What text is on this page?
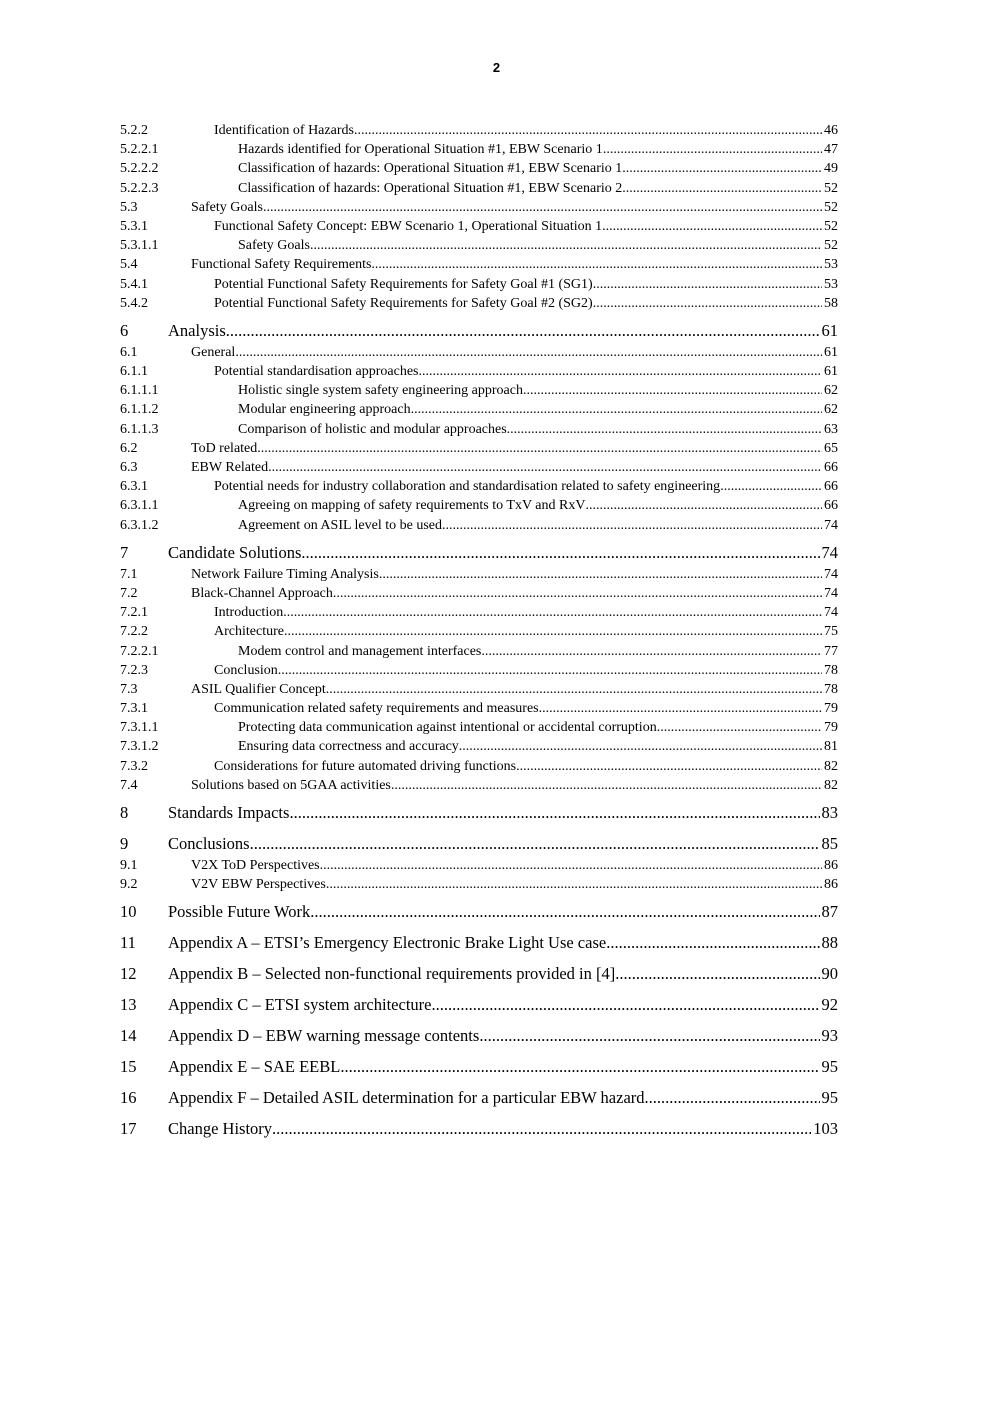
2
5.2.2	Identification of Hazards .....	46
5.2.2.1	Hazards identified for Operational Situation #1, EBW Scenario 1 .....	47
5.2.2.2	Classification of hazards: Operational Situation #1, EBW Scenario 1 .....	49
5.2.2.3	Classification of hazards: Operational Situation #1, EBW Scenario 2 .....	52
5.3	Safety Goals .....	52
5.3.1	Functional Safety Concept: EBW Scenario 1, Operational Situation 1 .....	52
5.3.1.1	Safety Goals .....	52
5.4	Functional Safety Requirements .....	53
5.4.1	Potential Functional Safety Requirements for Safety Goal #1 (SG1) .....	53
5.4.2	Potential Functional Safety Requirements for Safety Goal #2 (SG2) .....	58
6 Analysis .....	61
6.1	General .....	61
6.1.1	Potential standardisation approaches .....	61
6.1.1.1	Holistic single system safety engineering approach .....	62
6.1.1.2	Modular engineering approach .....	62
6.1.1.3	Comparison of holistic and modular approaches .....	63
6.2	ToD related .....	65
6.3	EBW Related .....	66
6.3.1	Potential needs for industry collaboration and standardisation related to safety engineering .....	66
6.3.1.1	Agreeing on mapping of safety requirements to TxV and RxV .....	66
6.3.1.2	Agreement on ASIL level to be used .....	74
7 Candidate Solutions .....	74
7.1	Network Failure Timing Analysis .....	74
7.2	Black-Channel Approach .....	74
7.2.1	Introduction .....	74
7.2.2	Architecture .....	75
7.2.2.1	Modem control and management interfaces .....	77
7.2.3	Conclusion .....	78
7.3	ASIL Qualifier Concept .....	78
7.3.1	Communication related safety requirements and measures .....	79
7.3.1.1	Protecting data communication against intentional or accidental corruption .....	79
7.3.1.2	Ensuring data correctness and accuracy .....	81
7.3.2	Considerations for future automated driving functions .....	82
7.4	Solutions based on 5GAA activities .....	82
8 Standards Impacts .....	83
9 Conclusions .....	85
9.1	V2X ToD Perspectives .....	86
9.2	V2V EBW Perspectives .....	86
10 Possible Future Work .....	87
11 Appendix A – ETSI’s Emergency Electronic Brake Light Use case .....	88
12 Appendix B – Selected non-functional requirements provided in [4] .....	90
13 Appendix C – ETSI system architecture .....	92
14 Appendix D – EBW warning message contents .....	93
15 Appendix E – SAE EEBL .....	95
16 Appendix F – Detailed ASIL determination for a particular EBW hazard .....	95
17 Change History .....	103
